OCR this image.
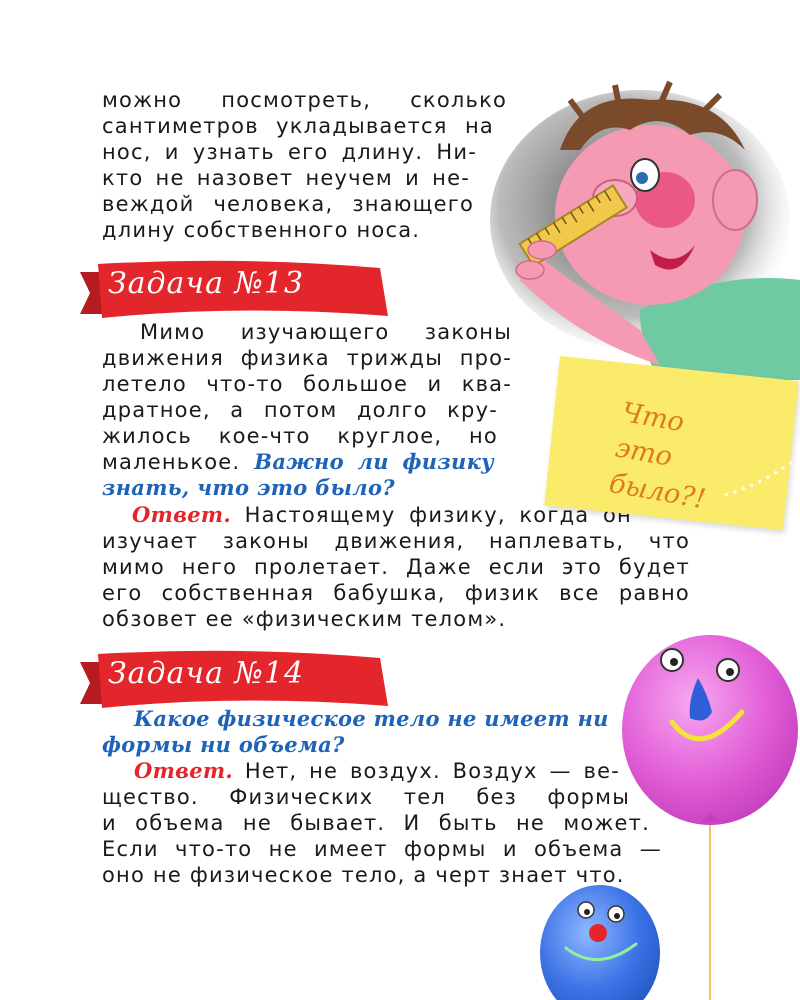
можно посмотреть, сколько
сантиметров укладывается на
нос, и узнать его длину. Ни-
кто не назовет неучем и не-
веждой человека, знающего
длину собственного носа.
Задача №13
Мимо изучающего законы
движения физика трижды про-
летело что-то большое и ква-
дратное, а потом долго кру-
жилось кое-что круглое, но
маленькое. Важно ли физику
знать, что это было?
Ответ. Настоящему физику, когда он
изучает законы движения, наплевать, что
мимо него пролетает. Даже если это будет
его собственная бабушка, физик все равно
обзовет ее «физическим телом».
Что это
было?!
Задача №14
Какое физическое тело не имеет ни
формы ни объема?
Ответ. Нет, не воздух. Воздух — ве-
щество. Физических тел без формы
и объема не бывает. И быть не может.
Если что-то не имеет формы и объема —
оно не физическое тело, а черт знает что.
